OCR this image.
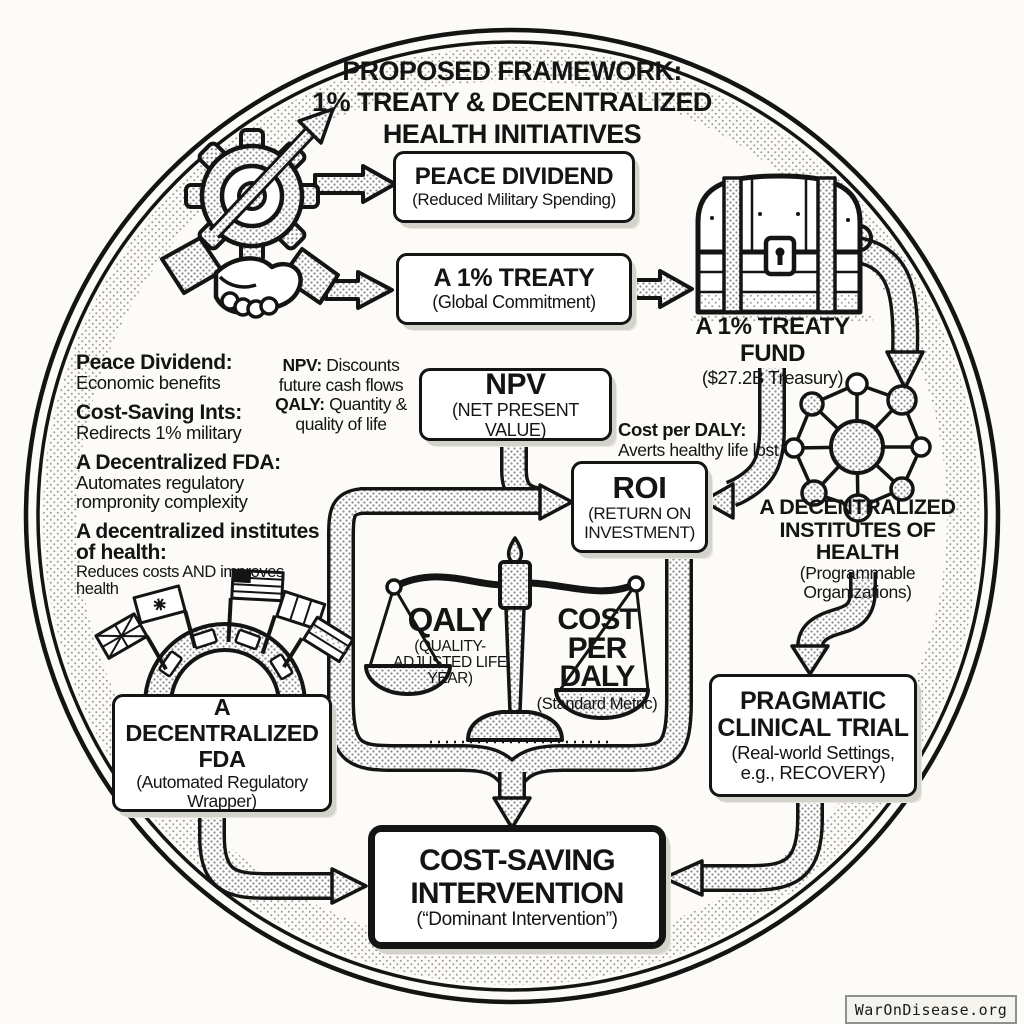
PROPOSED FRAMEWORK:
1% TREATY & DECENTRALIZED
HEALTH INITIATIVES
PEACE DIVIDEND
(Reduced Military Spending)
A 1% TREATY
(Global Commitment)
A 1% TREATY FUND
($27.2B Treasury)
NPV
(NET PRESENT VALUE)
ROI
(RETURN ON
INVESTMENT)
A DECENTRALIZED
INSTITUTES OF HEALTH
(Programmable Organizations)
QALY
(QUALITY-
ADJUSTED LIFE YEAR)
COST
PER DALY
(Standard Metric)
A DECENTRALIZED
FDA
(Automated Regulatory
Wrapper)
PRAGMATIC
CLINICAL TRIAL
(Real-world Settings,
e.g., RECOVERY)
COST-SAVING
INTERVENTION
(“Dominant Intervention”)
Peace Dividend:
Economic benefits
Cost-Saving Ints:
Redirects 1% military
A Decentralized FDA:
Automates regulatory rompronity complexity
A decentralized institutes of health:
Reduces costs AND improves health
NPV: Discounts future cash flows
QALY: Quantity & quality of life	Cost per DALY:
Averts healthy life lost
WarOnDisease.org
